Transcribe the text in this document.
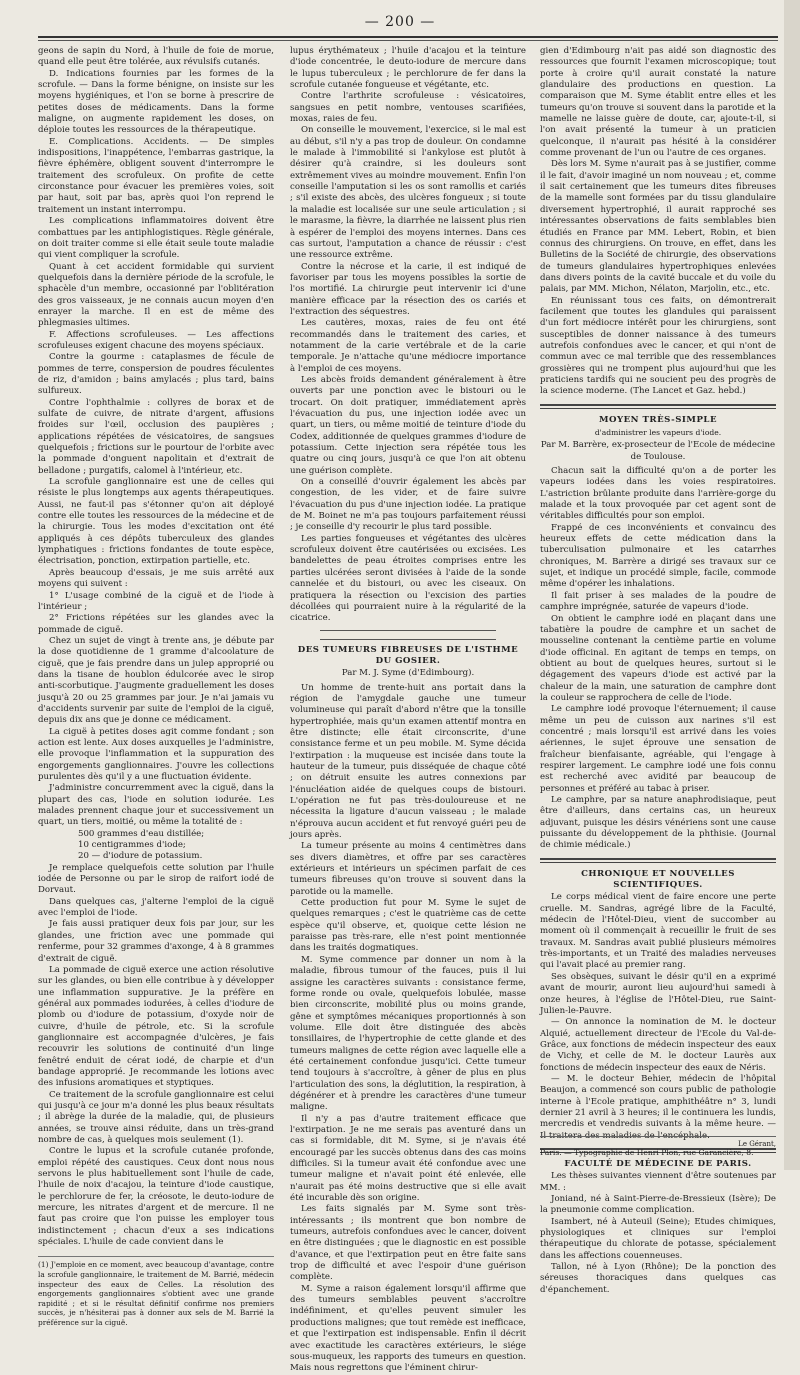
— 200 —

geons de sapin du Nord, à l'huile de foie de morue, quand elle peut être tolérée, aux révulsifs cutanés.

D. Indications fournies par les formes de la scrofule. — Dans la forme bénigne, on insiste sur les moyens hygiéniques, et l'on se borne à prescrire de petites doses de médicaments. Dans la forme maligne, on augmente rapidement les doses, on déploie toutes les ressources de la thérapeutique.

E. Complications. Accidents. — De simples indispositions, l'inappétence, l'embarras gastrique, la fièvre éphémère, obligent souvent d'interrompre le traitement des scrofuleux. On profite de cette circonstance pour évacuer les premières voies, soit par haut, soit par bas, après quoi l'on reprend le traitement un instant interrompu.

Les complications inflammatoires doivent être combattues par les antiphlogistiques. Règle générale, on doit traiter comme si elle était seule toute maladie qui vient compliquer la scrofule.

Quant à cet accident formidable qui survient quelquefois dans la dernière période de la scrofule, le sphacèle d'un membre, occasionné par l'oblitération des gros vaisseaux, je ne connais aucun moyen d'en enrayer la marche. Il en est de même des phlegmasies ultimes.

F. Affections scrofuleuses. — Les affections scrofuleuses exigent chacune des moyens spéciaux.

Contre la gourme : cataplasmes de fécule de pommes de terre, conspersion de poudres féculentes de riz, d'amidon ; bains amylacés ; plus tard, bains sulfureux.

Contre l'ophthalmie : collyres de borax et de sulfate de cuivre, de nitrate d'argent, affusions froides sur l'œil, occlusion des paupières ; applications répétées de vésicatoires, de sangsues quelquefois ; frictions sur le pourtour de l'orbite avec la pommade d'onguent napolitain et d'extrait de belladone ; purgatifs, calomel à l'intérieur, etc.

La scrofule ganglionnaire est une de celles qui résiste le plus longtemps aux agents thérapeutiques. Aussi, ne faut-il pas s'étonner qu'on ait déployé contre elle toutes les ressources de la médecine et de la chirurgie. Tous les modes d'excitation ont été appliqués à ces dépôts tuberculeux des glandes lymphatiques : frictions fondantes de toute espèce, électrisation, ponction, extirpation partielle, etc.

Après beaucoup d'essais, je me suis arrêté aux moyens qui suivent :

1° L'usage combiné de la ciguë et de l'iode à l'intérieur ;

2° Frictions répétées sur les glandes avec la pommade de ciguë.

Chez un sujet de vingt à trente ans, je débute par la dose quotidienne de 1 gramme d'alcoolature de ciguë, que je fais prendre dans un julep approprié ou dans la tisane de houblon édulcorée avec le sirop anti-scorbutique. J'augmente graduellement les doses jusqu'à 20 ou 25 grammes par jour. Je n'ai jamais vu d'accidents survenir par suite de l'emploi de la ciguë, depuis dix ans que je donne ce médicament.

La ciguë à petites doses agit comme fondant ; son action est lente. Aux doses auxquelles je l'administre, elle provoque l'inflammation et la suppuration des engorgements ganglionnaires. J'ouvre les collections purulentes dès qu'il y a une fluctuation évidente.

J'administre concurremment avec la ciguë, dans la plupart des cas, l'iode en solution iodurée. Les malades prennent chaque jour et successivement un quart, un tiers, moitié, ou même la totalité de :

500 grammes d'eau distillée;

10 centigrammes d'iode;

20 — d'iodure de potassium.

Je remplace quelquefois cette solution par l'huile iodée de Personne ou par le sirop de raifort iodé de Dorvaut.

Dans quelques cas, j'alterne l'emploi de la ciguë avec l'emploi de l'iode.

Je fais aussi pratiquer deux fois par jour, sur les glandes, une friction avec une pommade qui renferme, pour 32 grammes d'axonge, 4 à 8 grammes d'extrait de ciguë.

La pommade de ciguë exerce une action résolutive sur les glandes, ou bien elle contribue à y développer une inflammation suppurative. Je la préfère en général aux pommades iodurées, à celles d'iodure de plomb ou d'iodure de potassium, d'oxyde noir de cuivre, d'huile de pétrole, etc. Si la scrofule ganglionnaire est accompagnée d'ulcères, je fais recouvrir les solutions de continuité d'un linge fenêtré enduit de cérat iodé, de charpie et d'un bandage approprié. Je recommande les lotions avec des infusions aromatiques et styptiques.

Ce traitement de la scrofule ganglionnaire est celui qui jusqu'à ce jour m'a donné les plus beaux résultats ; il abrège la durée de la maladie, qui, de plusieurs années, se trouve ainsi réduite, dans un très-grand nombre de cas, à quelques mois seulement (1).

Contre le lupus et la scrofule cutanée profonde, emploi répété des caustiques. Ceux dont nous nous servons le plus habituellement sont l'huile de cade, l'huile de noix d'acajou, la teinture d'iode caustique, le perchlorure de fer, la créosote, le deuto-iodure de mercure, les nitrates d'argent et de mercure. Il ne faut pas croire que l'on puisse les employer tous indistinctement ; chacun d'eux a ses indications spéciales. L'huile de cade convient dans le

(1) J'emploie en ce moment, avec beaucoup d'avantage, contre la scrofule ganglionnaire, le traitement de M. Barrié, médecin inspecteur des eaux de Celles. La résolution des engorgements ganglionnaires s'obtient avec une grande rapidité ; et si le résultat définitif confirme nos premiers succès, je n'hésiterai pas à donner aux sels de M. Barrié la préférence sur la ciguë.

lupus érythémateux ; l'huile d'acajou et la teinture d'iode concentrée, le deuto-iodure de mercure dans le lupus tuberculeux ; le perchlorure de fer dans la scrofule cutanée fongueuse et végétante, etc.

Contre l'arthrite scrofuleuse : vésicatoires, sangsues en petit nombre, ventouses scarifiées, moxas, raies de feu.

On conseille le mouvement, l'exercice, si le mal est au début, s'il n'y a pas trop de douleur. On condamne le malade à l'immobilité si l'ankylose est plutôt à désirer qu'à craindre, si les douleurs sont extrêmement vives au moindre mouvement. Enfin l'on conseille l'amputation si les os sont ramollis et cariés ; s'il existe des abcès, des ulcères fongueux ; si toute la maladie est localisée sur une seule articulation ; si le marasme, la fièvre, la diarrhée ne laissent plus rien à espérer de l'emploi des moyens internes. Dans ces cas surtout, l'amputation a chance de réussir : c'est une ressource extrême.

Contre la nécrose et la carie, il est indiqué de favoriser par tous les moyens possibles la sortie de l'os mortifié. La chirurgie peut intervenir ici d'une manière efficace par la résection des os cariés et l'extraction des séquestres.

Les cautères, moxas, raies de feu ont été recommandés dans le traitement des caries, et notamment de la carie vertébrale et de la carie temporale. Je n'attache qu'une médiocre importance à l'emploi de ces moyens.

Les abcès froids demandent généralement à être ouverts par une ponction avec le bistouri ou le trocart. On doit pratiquer, immédiatement après l'évacuation du pus, une injection iodée avec un quart, un tiers, ou même moitié de teinture d'iode du Codex, additionnée de quelques grammes d'iodure de potassium. Cette injection sera répétée tous les quatre ou cinq jours, jusqu'à ce que l'on ait obtenu une guérison complète.

On a conseillé d'ouvrir également les abcès par congestion, de les vider, et de faire suivre l'évacuation du pus d'une injection iodée. La pratique de M. Boinet ne m'a pas toujours parfaitement réussi ; je conseille d'y recourir le plus tard possible.

Les parties fongueuses et végétantes des ulcères scrofuleux doivent être cautérisées ou excisées. Les bandelettes de peau étroites comprises entre les parties ulcérées seront divisées à l'aide de la sonde cannelée et du bistouri, ou avec les ciseaux. On pratiquera la résection ou l'excision des parties décollées qui pourraient nuire à la régularité de la cicatrice.

DES TUMEURS FIBREUSES DE L'ISTHME DU GOSIER.
Par M. J. Syme (d'Edimbourg).

Un homme de trente-huit ans portait dans la région de l'amygdale gauche une tumeur volumineuse qui paraît d'abord n'être que la tonsille hypertrophiée, mais qu'un examen attentif montra en être distincte; elle était circonscrite, d'une consistance ferme et un peu mobile. M. Syme décida l'extirpation : la muqueuse est incisée dans toute la hauteur de la tumeur, puis disséquée de chaque côté ; on détruit ensuite les autres connexions par l'énucléation aidée de quelques coups de bistouri. L'opération ne fut pas très-douloureuse et ne nécessita la ligature d'aucun vaisseau ; le malade n'éprouva aucun accident et fut renvoyé guéri peu de jours après.

La tumeur présente au moins 4 centimètres dans ses divers diamètres, et offre par ses caractères extérieurs et intérieurs un spécimen parfait de ces tumeurs fibreuses qu'on trouve si souvent dans la parotide ou la mamelle.

Cette production fut pour M. Syme le sujet de quelques remarques ; c'est le quatrième cas de cette espèce qu'il observe, et, quoique cette lésion ne paraisse pas très-rare, elle n'est point mentionnée dans les traités dogmatiques.

M. Syme commence par donner un nom à la maladie, fibrous tumour of the fauces, puis il lui assigne les caractères suivants : consistance ferme, forme ronde ou ovale, quelquefois lobulée, masse bien circonscrite, mobilité plus ou moins grande, gêne et symptômes mécaniques proportionnés à son volume. Elle doit être distinguée des abcès tonsillaires, de l'hypertrophie de cette glande et des tumeurs malignes de cette région avec laquelle elle a été certainement confondue jusqu'ici. Cette tumeur tend toujours à s'accroître, à gêner de plus en plus l'articulation des sons, la déglutition, la respiration, à dégénérer et à prendre les caractères d'une tumeur maligne.

Il n'y a pas d'autre traitement efficace que l'extirpation. Je ne me serais pas aventuré dans un cas si formidable, dit M. Syme, si je n'avais été encouragé par les succès obtenus dans des cas moins difficiles. Si la tumeur avait été confondue avec une tumeur maligne et n'avait point été enlevée, elle n'aurait pas été moins destructive que si elle avait été incurable dès son origine.

Les faits signalés par M. Syme sont très-intéressants ; ils montrent que bon nombre de tumeurs, autrefois confondues avec le cancer, doivent en être distinguées ; que le diagnostic en est possible d'avance, et que l'extirpation peut en être faite sans trop de difficulté et avec l'espoir d'une guérison complète.

M. Syme a raison également lorsqu'il affirme que des tumeurs semblables peuvent s'accroître indéfiniment, et qu'elles peuvent simuler les productions malignes; que tout remède est inefficace, et que l'extirpation est indispensable. Enfin il décrit avec exactitude les caractères extérieurs, le siége sous-muqueux, les rapports des tumeurs en question. Mais nous regrettons que l'éminent chirur-

gien d'Edimbourg n'ait pas aidé son diagnostic des ressources que fournit l'examen microscopique; tout porte à croire qu'il aurait constaté la nature glandulaire des productions en question. La comparaison que M. Syme établit entre elles et les tumeurs qu'on trouve si souvent dans la parotide et la mamelle ne laisse guère de doute, car, ajoute-t-il, si l'on avait présenté la tumeur à un praticien quelconque, il n'aurait pas hésité à la considérer comme provenant de l'un ou l'autre de ces organes.

Dès lors M. Syme n'aurait pas à se justifier, comme il le fait, d'avoir imaginé un nom nouveau ; et, comme il sait certainement que les tumeurs dites fibreuses de la mamelle sont formées par du tissu glandulaire diversement hypertrophié, il aurait rapproché ses intéressantes observations de faits semblables bien étudiés en France par MM. Lebert, Robin, et bien connus des chirurgiens. On trouve, en effet, dans les Bulletins de la Société de chirurgie, des observations de tumeurs glandulaires hypertrophiques enlevées dans divers points de la cavité buccale et du voile du palais, par MM. Michon, Nélaton, Marjolin, etc., etc.

En réunissant tous ces faits, on démontrerait facilement que toutes les glandules qui paraissent d'un fort médiocre intérêt pour les chirurgiens, sont susceptibles de donner naissance à des tumeurs autrefois confondues avec le cancer, et qui n'ont de commun avec ce mal terrible que des ressemblances grossières qui ne trompent plus aujourd'hui que les praticiens tardifs qui ne soucient peu des progrès de la science moderne. (The Lancet et Gaz. hebd.)

MOYEN TRÈS-SIMPLE
d'administrer les vapeurs d'iode.
Par M. Barrère, ex-prosecteur de l'Ecole de médecine de Toulouse.

Chacun sait la difficulté qu'on a de porter les vapeurs iodées dans les voies respiratoires. L'astriction brûlante produite dans l'arrière-gorge du malade et la toux provoquée par cet agent sont de véritables difficultés pour son emploi.

Frappé de ces inconvénients et convaincu des heureux effets de cette médication dans la tuberculisation pulmonaire et les catarrhes chroniques, M. Barrère a dirigé ses travaux sur ce sujet, et indique un procédé simple, facile, commode même d'opérer les inhalations.

Il fait priser à ses malades de la poudre de camphre imprégnée, saturée de vapeurs d'iode.

On obtient le camphre iodé en plaçant dans une tabatière la poudre de camphre et un sachet de mousseline contenant la centième partie en volume d'iode officinal. En agitant de temps en temps, on obtient au bout de quelques heures, surtout si le dégagement des vapeurs d'iode est activé par la chaleur de la main, une saturation de camphre dont la couleur se rapprochera de celle de l'iode.

Le camphre iodé provoque l'éternuement; il cause même un peu de cuisson aux narines s'il est concentré ; mais lorsqu'il est arrivé dans les voies aériennes, le sujet éprouve une sensation de fraîcheur bienfaisante, agréable, qui l'engage à respirer largement. Le camphre iodé une fois connu est recherché avec avidité par beaucoup de personnes et préféré au tabac à priser.

Le camphre, par sa nature anaphrodisiaque, peut être d'ailleurs, dans certains cas, un heureux adjuvant, puisque les désirs vénériens sont une cause puissante du développement de la phthisie. (Journal de chimie médicale.)

CHRONIQUE ET NOUVELLES SCIENTIFIQUES.

Le corps médical vient de faire encore une perte cruelle. M. Sandras, agrégé libre de la Faculté, médecin de l'Hôtel-Dieu, vient de succomber au moment où il commençait à recueillir le fruit de ses travaux. M. Sandras avait publié plusieurs mémoires très-importants, et un Traité des maladies nerveuses qui l'avait placé au premier rang.

Ses obsèques, suivant le désir qu'il en a exprimé avant de mourir, auront lieu aujourd'hui samedi à onze heures, à l'église de l'Hôtel-Dieu, rue Saint-Julien-le-Pauvre.

— On annonce la nomination de M. le docteur Alquié, actuellement directeur de l'Ecole du Val-de-Grâce, aux fonctions de médecin inspecteur des eaux de Vichy, et celle de M. le docteur Laurès aux fonctions de médecin inspecteur des eaux de Néris.

— M. le docteur Behier, médecin de l'hôpital Beaujon, a commencé son cours public de pathologie interne à l'Ecole pratique, amphithéâtre n° 3, lundi dernier 21 avril à 3 heures; il le continuera les lundis, mercredis et vendredis suivants à la même heure. — Il traitera des maladies de l'encéphale.

FACULTÉ DE MÉDECINE DE PARIS.

Les thèses suivantes viennent d'être soutenues par MM. :

Joniand, né à Saint-Pierre-de-Bressieux (Isère); De la pneumonie comme complication.

Isambert, né à Auteuil (Seine); Etudes chimiques, physiologiques et cliniques sur l'emploi thérapeutique du chlorate de potasse, spécialement dans les affections couenneuses.

Tallon, né à Lyon (Rhône); De la ponction des séreuses thoraciques dans quelques cas d'épanchement.

Le Gérant,
Paris. — Typographie de Henri Plon, rue Garancière, 8.
